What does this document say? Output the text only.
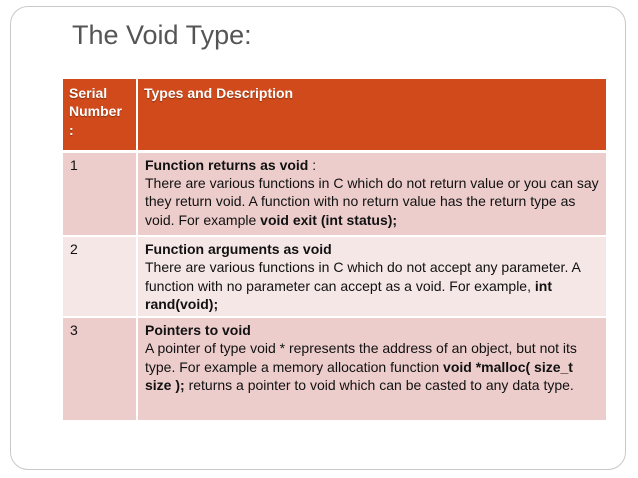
The Void Type:
Serial Number :	Types and Description
1	Function returns as void :
There are various functions in C which do not return value or you can say they return void. A function with no return value has the return type as void. For example void exit (int status);
2	Function arguments as void
There are various functions in C which do not accept any parameter. A function with no parameter can accept as a void. For example, int rand(void);
3	Pointers to void
A pointer of type void * represents the address of an object, but not its type. For example a memory allocation function void *malloc( size_t size ); returns a pointer to void which can be casted to any data type.
